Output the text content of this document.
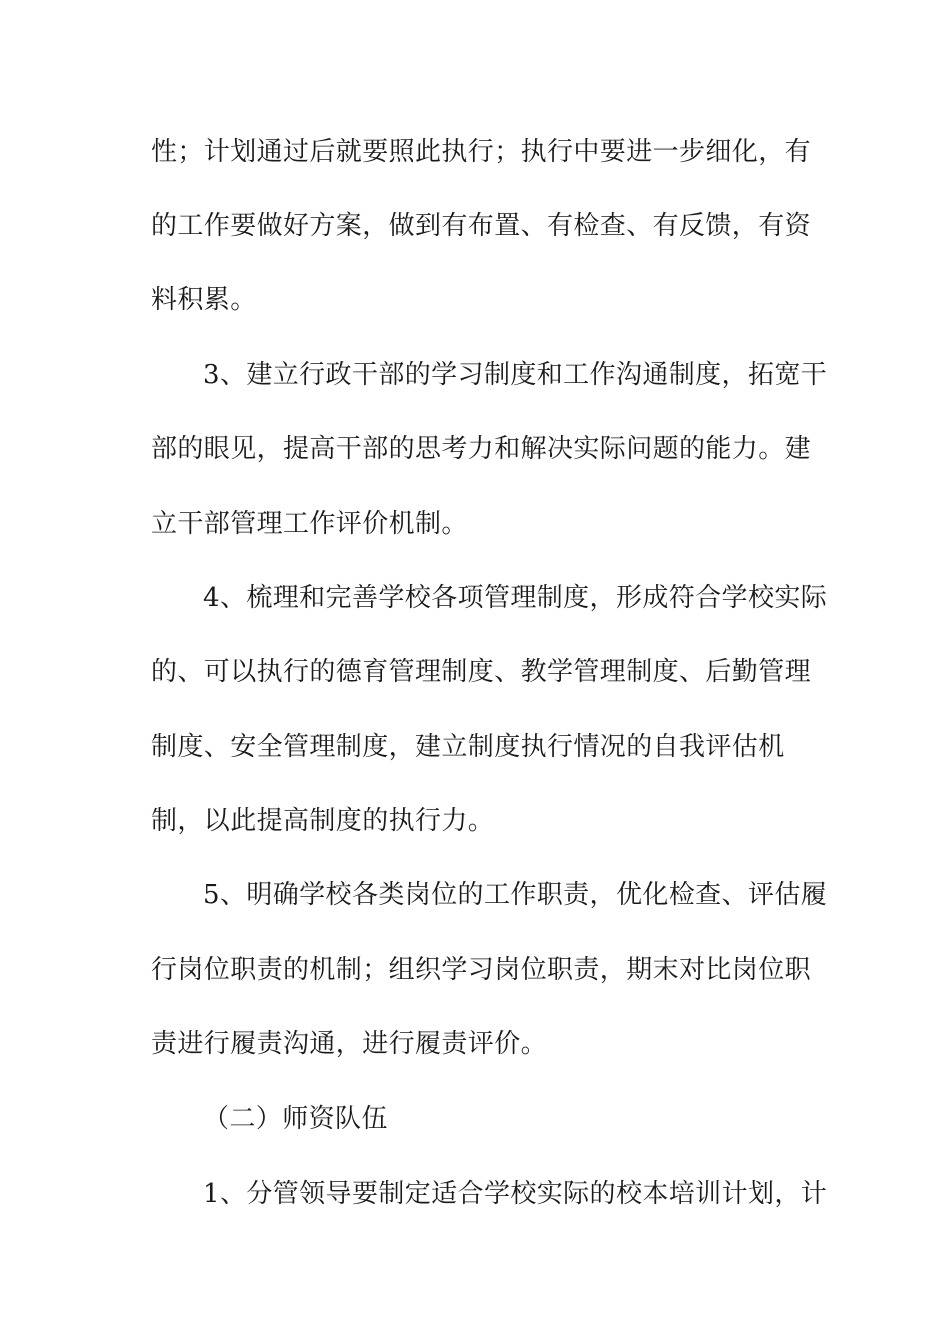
性；计划通过后就要照此执行；执行中要进一步细化，有
的工作要做好方案，做到有布置、有检查、有反馈，有资
料积累。
3、建立行政干部的学习制度和工作沟通制度，拓宽干
部的眼见，提高干部的思考力和解决实际问题的能力。建
立干部管理工作评价机制。
4、梳理和完善学校各项管理制度，形成符合学校实际
的、可以执行的德育管理制度、教学管理制度、后勤管理
制度、安全管理制度，建立制度执行情况的自我评估机
制，以此提高制度的执行力。
5、明确学校各类岗位的工作职责，优化检查、评估履
行岗位职责的机制；组织学习岗位职责，期末对比岗位职
责进行履责沟通，进行履责评价。
（二）师资队伍
1、分管领导要制定适合学校实际的校本培训计划，计
